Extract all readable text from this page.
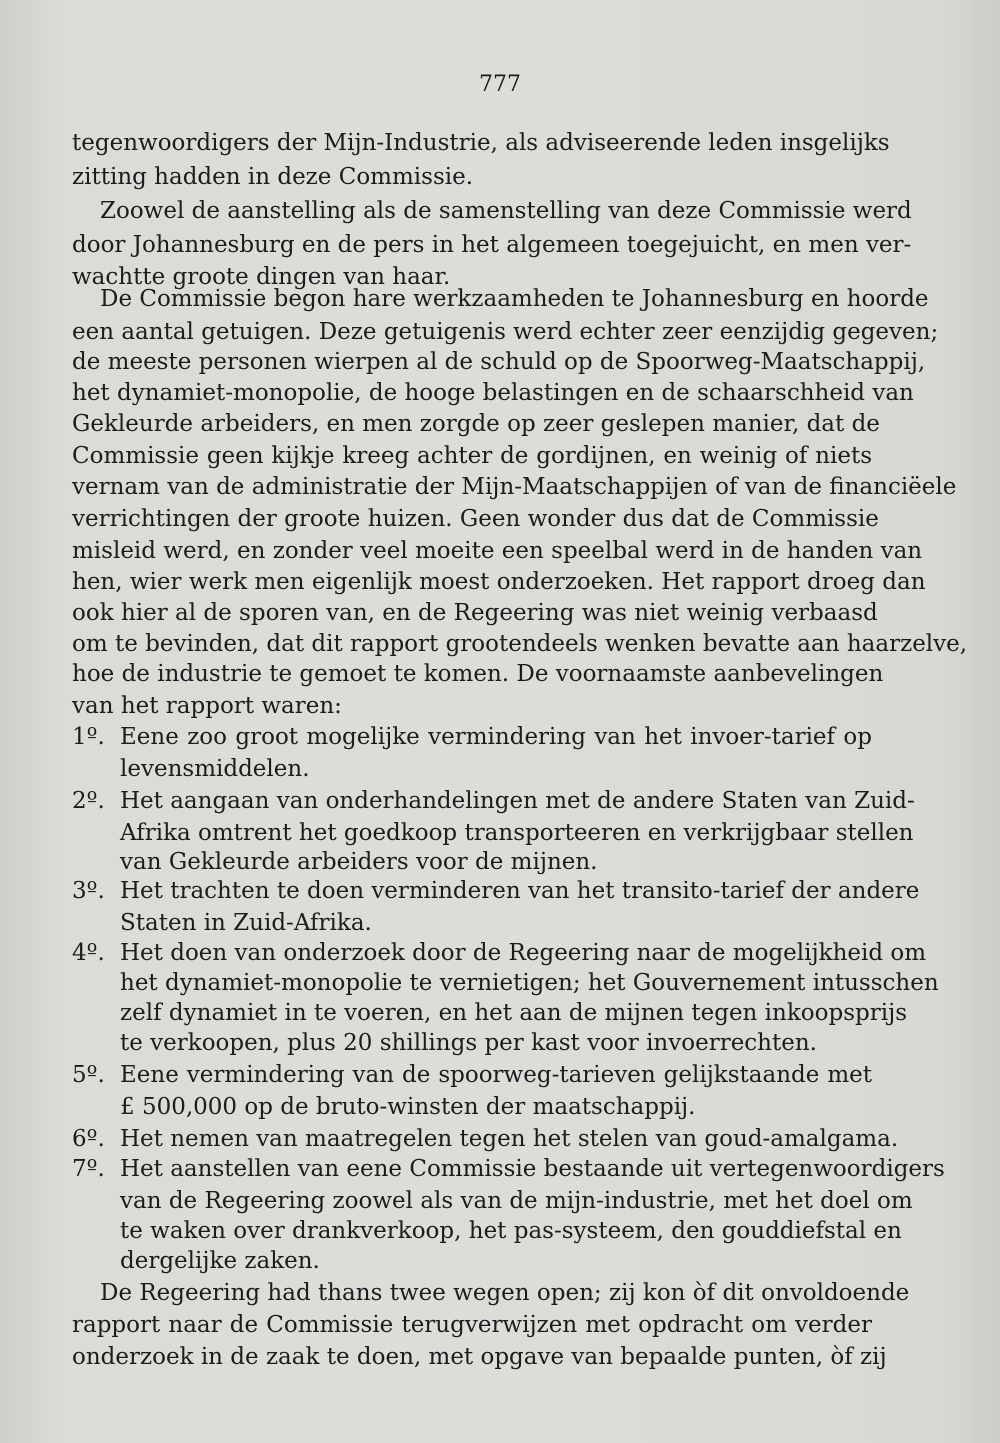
777
tegenwoordigers der Mijn-Industrie, als adviseerende leden insgelijks
zitting hadden in deze Commissie.
Zoowel de aanstelling als de samenstelling van deze Commissie werd
door Johannesburg en de pers in het algemeen toegejuicht, en men ver-
wachtte groote dingen van haar.
De Commissie begon hare werkzaamheden te Johannesburg en hoorde
een aantal getuigen. Deze getuigenis werd echter zeer eenzijdig gegeven;
de meeste personen wierpen al de schuld op de Spoorweg-Maatschappij,
het dynamiet-monopolie, de hooge belastingen en de schaarschheid van
Gekleurde arbeiders, en men zorgde op zeer geslepen manier, dat de
Commissie geen kijkje kreeg achter de gordijnen, en weinig of niets
vernam van de administratie der Mijn-Maatschappijen of van de financiëele
verrichtingen der groote huizen. Geen wonder dus dat de Commissie
misleid werd, en zonder veel moeite een speelbal werd in de handen van
hen, wier werk men eigenlijk moest onderzoeken. Het rapport droeg dan
ook hier al de sporen van, en de Regeering was niet weinig verbaasd
om te bevinden, dat dit rapport grootendeels wenken bevatte aan haarzelve,
hoe de industrie te gemoet te komen. De voornaamste aanbevelingen
van het rapport waren:
1º. Eene zoo groot mogelijke vermindering van het invoer-tarief op
levensmiddelen.
2º. Het aangaan van onderhandelingen met de andere Staten van Zuid-
Afrika omtrent het goedkoop transporteeren en verkrijgbaar stellen
van Gekleurde arbeiders voor de mijnen.
3º. Het trachten te doen verminderen van het transito-tarief der andere
Staten in Zuid-Afrika.
4º. Het doen van onderzoek door de Regeering naar de mogelijkheid om
het dynamiet-monopolie te vernietigen; het Gouvernement intusschen
zelf dynamiet in te voeren, en het aan de mijnen tegen inkoopsprijs
te verkoopen, plus 20 shillings per kast voor invoerrechten.
5º. Eene vermindering van de spoorweg-tarieven gelijkstaande met
£ 500,000 op de bruto-winsten der maatschappij.
6º. Het nemen van maatregelen tegen het stelen van goud-amalgama.
7º. Het aanstellen van eene Commissie bestaande uit vertegenwoordigers
van de Regeering zoowel als van de mijn-industrie, met het doel om
te waken over drankverkoop, het pas-systeem, den gouddiefstal en
dergelijke zaken.
De Regeering had thans twee wegen open; zij kon òf dit onvoldoende
rapport naar de Commissie terugverwijzen met opdracht om verder
onderzoek in de zaak te doen, met opgave van bepaalde punten, òf zij
